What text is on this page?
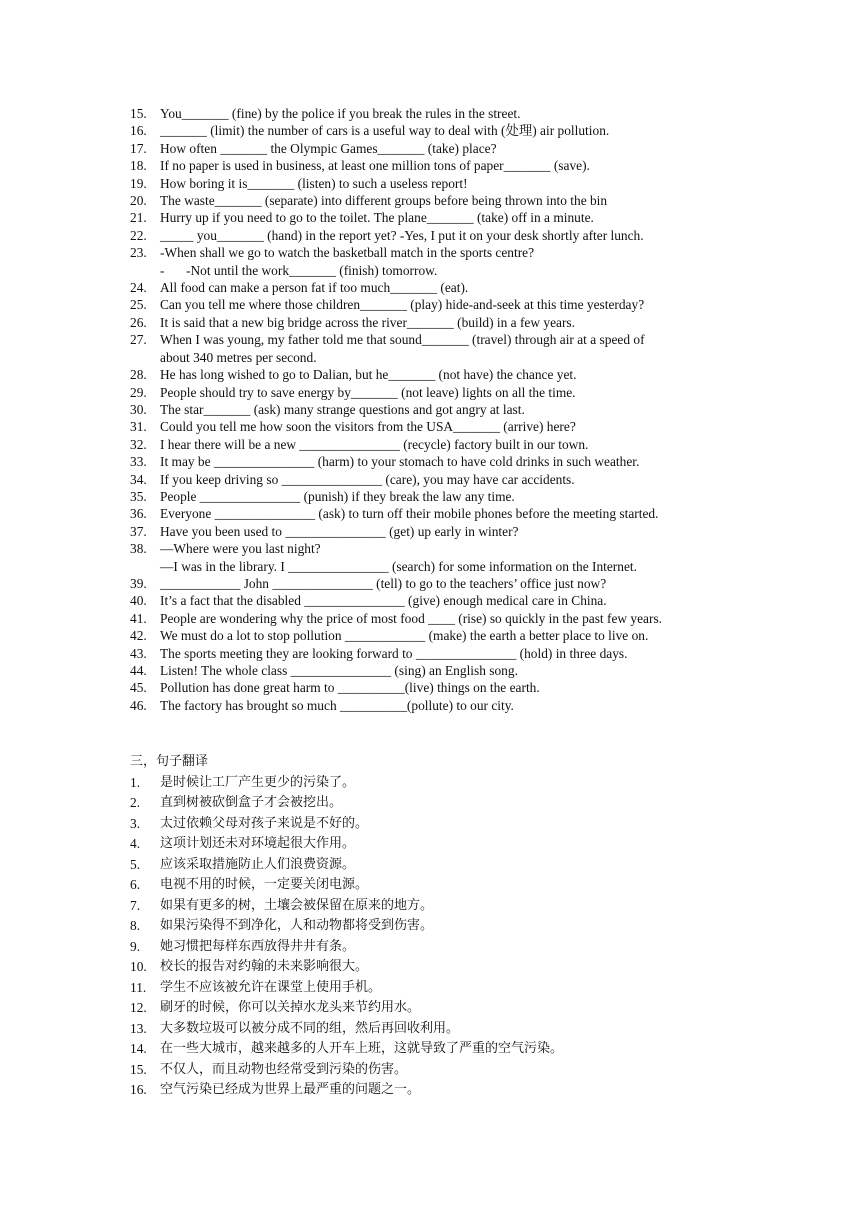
15. You_______ (fine) by the police if you break the rules in the street.
16. _______ (limit) the number of cars is a useful way to deal with (处理) air pollution.
17. How often _______ the Olympic Games_______ (take) place?
18. If no paper is used in business, at least one million tons of paper_______ (save).
19. How boring it is_______ (listen) to such a useless report!
20. The waste_______ (separate) into different groups before being thrown into the bin
21. Hurry up if you need to go to the toilet. The plane_______ (take) off in a minute.
22. _____ you_______ (hand) in the report yet? -Yes, I put it on your desk shortly after lunch.
23. -When shall we go to watch the basketball match in the sports centre?
-	-Not until the work_______ (finish) tomorrow.
24. All food can make a person fat if too much_______ (eat).
25. Can you tell me where those children_______ (play) hide-and-seek at this time yesterday?
26. It is said that a new big bridge across the river_______ (build) in a few years.
27. When I was young, my father told me that sound_______ (travel) through air at a speed of
about 340 metres per second.
28. He has long wished to go to Dalian, but he_______ (not have) the chance yet.
29. People should try to save energy by_______ (not leave) lights on all the time.
30. The star_______ (ask) many strange questions and got angry at last.
31. Could you tell me how soon the visitors from the USA_______ (arrive) here?
32. I hear there will be a new _______________ (recycle) factory built in our town.
33. It may be _______________ (harm) to your stomach to have cold drinks in such weather.
34. If you keep driving so _______________ (care), you may have car accidents.
35. People _______________ (punish) if they break the law any time.
36. Everyone _______________ (ask) to turn off their mobile phones before the meeting started.
37. Have you been used to _______________ (get) up early in winter?
38. —Where were you last night?
—I was in the library. I _______________ (search) for some information on the Internet.
39. ____________ John _______________ (tell) to go to the teachers’ office just now?
40. It’s a fact that the disabled _______________ (give) enough medical care in China.
41. People are wondering why the price of most food ____ (rise) so quickly in the past few years.
42. We must do a lot to stop pollution ____________ (make) the earth a better place to live on.
43. The sports meeting they are looking forward to _______________ (hold) in three days.
44. Listen! The whole class _______________ (sing) an English song.
45. Pollution has done great harm to __________(live) things on the earth.
46. The factory has brought so much __________(pollute) to our city.
三，句子翻译
1.	是时候让工厂产生更少的污染了。
2.	直到树被砍倒盒子才会被挖出。
3.	太过依赖父母对孩子来说是不好的。
4.	这项计划还未对环境起很大作用。
5.	应该采取措施防止人们浪费资源。
6.	电视不用的时候，一定要关闭电源。
7.	如果有更多的树，土壤会被保留在原来的地方。
8.	如果污染得不到净化，人和动物都将受到伤害。
9.	她习惯把每样东西放得井井有条。
10.	校长的报告对约翰的未来影响很大。
11.	学生不应该被允许在课堂上使用手机。
12.	刷牙的时候，你可以关掉水龙头来节约用水。
13.	大多数垃圾可以被分成不同的组，然后再回收利用。
14.	在一些大城市，越来越多的人开车上班，这就导致了严重的空气污染。
15.	不仅人，而且动物也经常受到污染的伤害。
16.	空气污染已经成为世界上最严重的问题之一。
